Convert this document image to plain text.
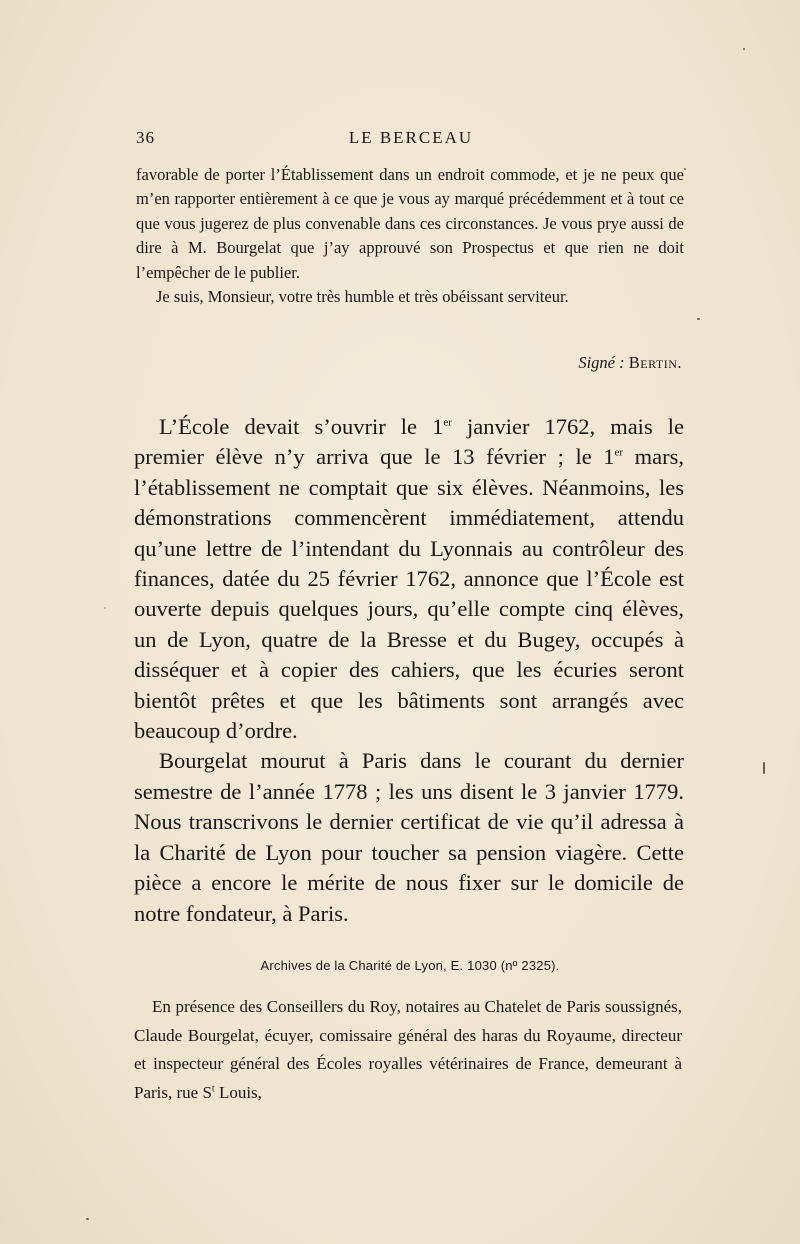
36	LE BERCEAU

favorable de porter l’Établissement dans un endroit commode, et je ne peux que m’en rapporter entièrement à ce que je vous ay marqué précédemment et à tout ce que vous jugerez de plus convenable dans ces circonstances. Je vous prye aussi de dire à M. Bourgelat que j’ay approuvé son Prospectus et que rien ne doit l’empêcher de le publier.

Je suis, Monsieur, votre très humble et très obéissant serviteur.

Signé : Bertin.

L’École devait s’ouvrir le 1er janvier 1762, mais le premier élève n’y arriva que le 13 février ; le 1er mars, l’établissement ne comptait que six élèves. Néanmoins, les démonstrations commencèrent immédiatement, attendu qu’une lettre de l’intendant du Lyonnais au contrôleur des finances, datée du 25 février 1762, annonce que l’École est ouverte depuis quelques jours, qu’elle compte cinq élèves, un de Lyon, quatre de la Bresse et du Bugey, occupés à disséquer et à copier des cahiers, que les écuries seront bientôt prêtes et que les bâtiments sont arrangés avec beaucoup d’ordre.

Bourgelat mourut à Paris dans le courant du dernier semestre de l’année 1778 ; les uns disent le 3 janvier 1779. Nous transcrivons le dernier certificat de vie qu’il adressa à la Charité de Lyon pour toucher sa pension viagère. Cette pièce a encore le mérite de nous fixer sur le domicile de notre fondateur, à Paris.

Archives de la Charité de Lyon, E. 1030 (nº 2325).

En présence des Conseillers du Roy, notaires au Chatelet de Paris soussignés, Claude Bourgelat, écuyer, comissaire général des haras du Royaume, directeur et inspecteur général des Écoles royalles vétérinaires de France, demeurant à Paris, rue $S^t$ Louis,
